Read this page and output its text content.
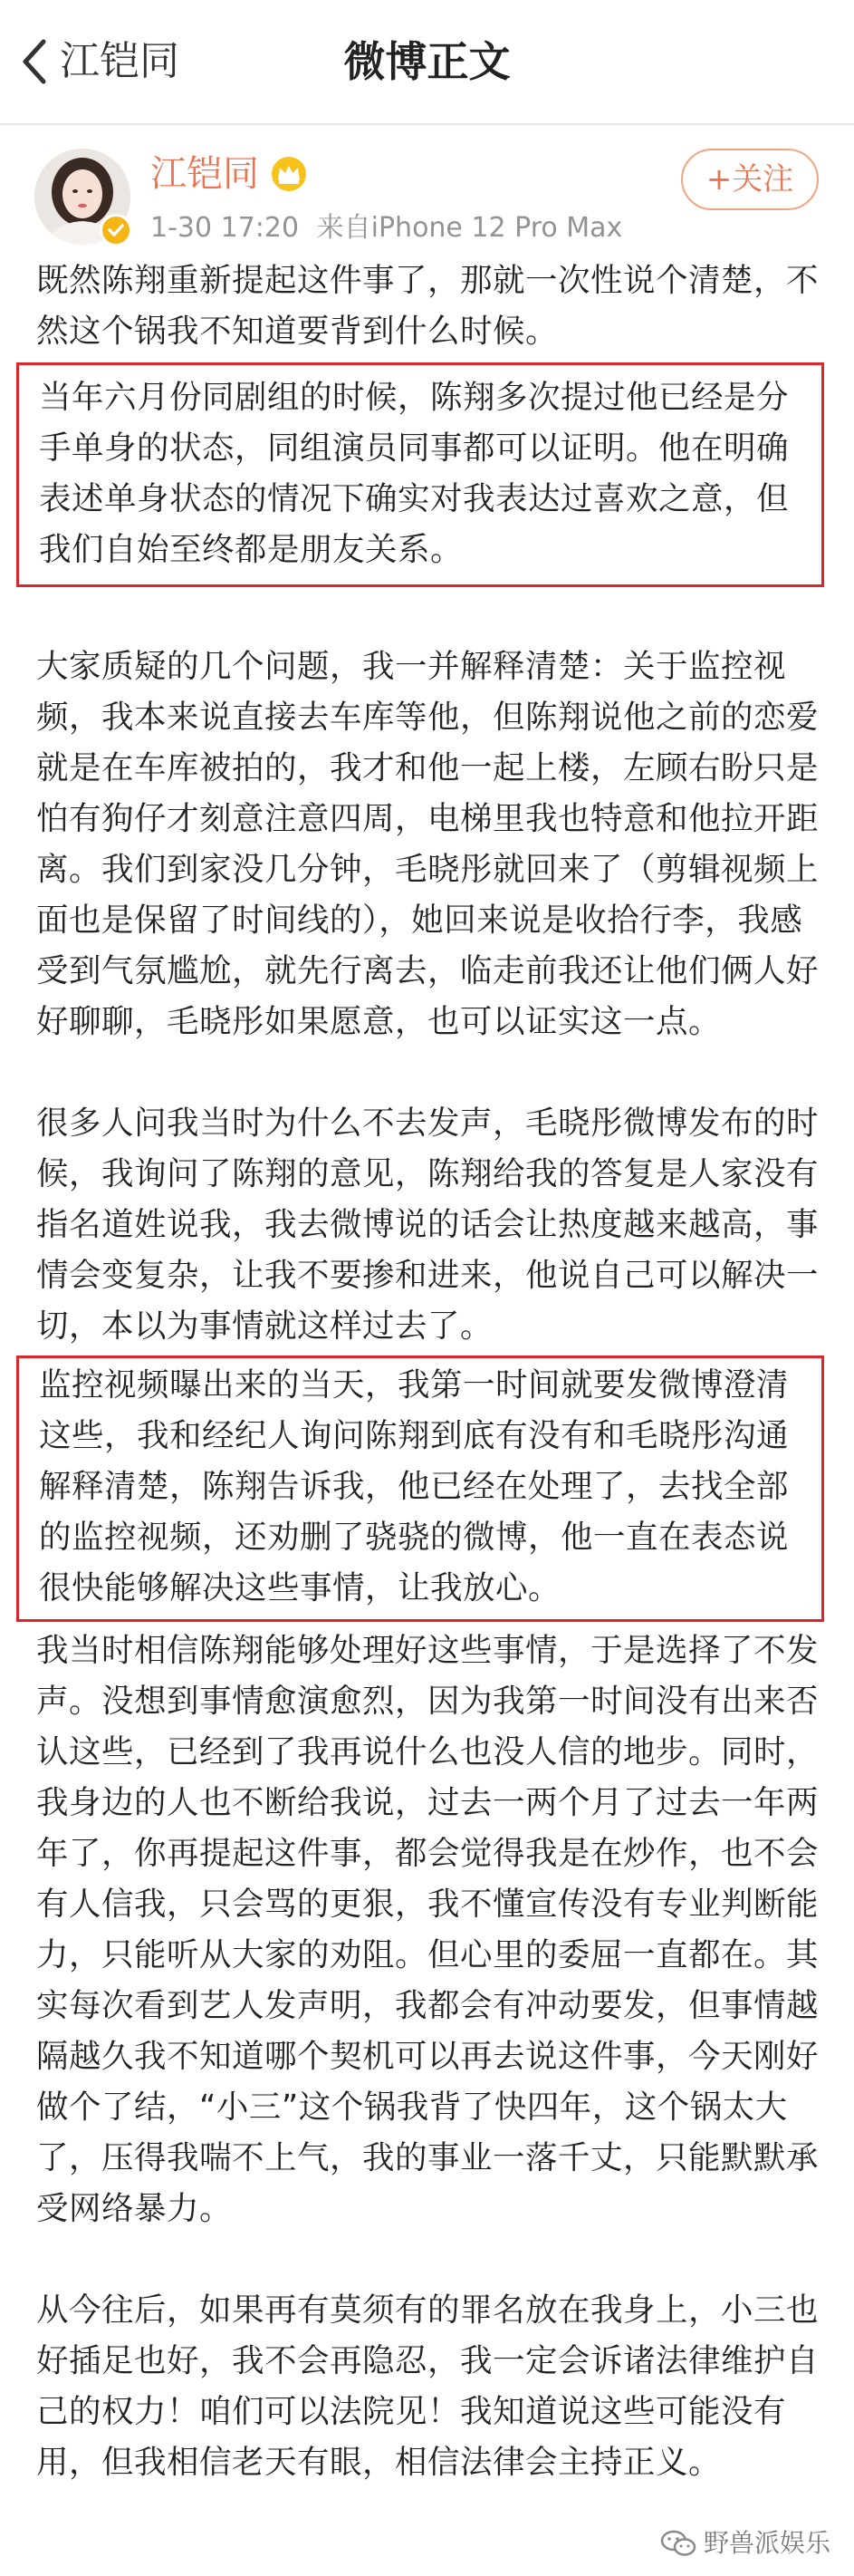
江铠同	微博正文
江铠同
1-30 17:20 来自iPhone 12 Pro Max
+关注

既然陈翔重新提起这件事了，那就一次性说个清楚，不然这个锅我不知道要背到什么时候。

当年六月份同剧组的时候，陈翔多次提过他已经是分手单身的状态，同组演员同事都可以证明。他在明确表述单身状态的情况下确实对我表达过喜欢之意，但我们自始至终都是朋友关系。

大家质疑的几个问题，我一并解释清楚：关于监控视频，我本来说直接去车库等他，但陈翔说他之前的恋爱就是在车库被拍的，我才和他一起上楼，左顾右盼只是怕有狗仔才刻意注意四周，电梯里我也特意和他拉开距离。我们到家没几分钟，毛晓彤就回来了（剪辑视频上面也是保留了时间线的），她回来说是收拾行李，我感受到气氛尴尬，就先行离去，临走前我还让他们俩人好好聊聊，毛晓彤如果愿意，也可以证实这一点。

很多人问我当时为什么不去发声，毛晓彤微博发布的时候，我询问了陈翔的意见，陈翔给我的答复是人家没有指名道姓说我，我去微博说的话会让热度越来越高，事情会变复杂，让我不要掺和进来，他说自己可以解决一切，本以为事情就这样过去了。

监控视频曝出来的当天，我第一时间就要发微博澄清这些，我和经纪人询问陈翔到底有没有和毛晓彤沟通解释清楚，陈翔告诉我，他已经在处理了，去找全部的监控视频，还劝删了骁骁的微博，他一直在表态说很快能够解决这些事情，让我放心。

我当时相信陈翔能够处理好这些事情，于是选择了不发声。没想到事情愈演愈烈，因为我第一时间没有出来否认这些，已经到了我再说什么也没人信的地步。同时，我身边的人也不断给我说，过去一两个月了过去一年两年了，你再提起这件事，都会觉得我是在炒作，也不会有人信我，只会骂的更狠，我不懂宣传没有专业判断能力，只能听从大家的劝阻。但心里的委屈一直都在。其实每次看到艺人发声明，我都会有冲动要发，但事情越隔越久我不知道哪个契机可以再去说这件事，今天刚好做个了结，“小三”这个锅我背了快四年，这个锅太大了，压得我喘不上气，我的事业一落千丈，只能默默承受网络暴力。

从今往后，如果再有莫须有的罪名放在我身上，小三也好插足也好，我不会再隐忍，我一定会诉诸法律维护自己的权力！咱们可以法院见！我知道说这些可能没有用，但我相信老天有眼，相信法律会主持正义。

野兽派娱乐
